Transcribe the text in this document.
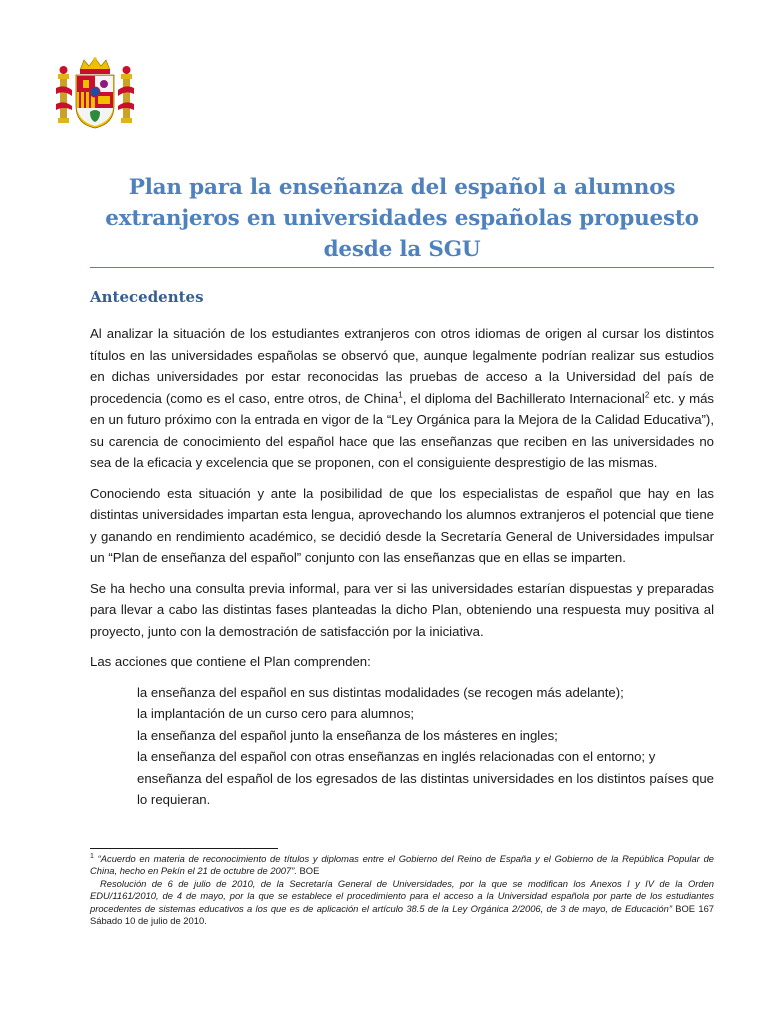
Plan para la enseñanza del español a alumnos extranjeros en universidades españolas propuesto desde la SGU
Antecedentes

Al analizar la situación de los estudiantes extranjeros con otros idiomas de origen al cursar los distintos títulos en las universidades españolas se observó que, aunque legalmente podrían realizar sus estudios en dichas universidades por estar reconocidas las pruebas de acceso a la Universidad del país de procedencia (como es el caso, entre otros, de China$^1$, el diploma del Bachillerato Internacional$^2$ etc. y más en un futuro próximo con la entrada en vigor de la “Ley Orgánica para la Mejora de la Calidad Educativa”), su carencia de conocimiento del español hace que las enseñanzas que reciben en las universidades no sea de la eficacia y excelencia que se proponen, con el consiguiente desprestigio de las mismas.

Conociendo esta situación y ante la posibilidad de que los especialistas de español que hay en las distintas universidades impartan esta lengua, aprovechando los alumnos extranjeros el potencial que tiene y ganando en rendimiento académico, se decidió desde la Secretaría General de Universidades impulsar un “Plan de enseñanza del español” conjunto con las enseñanzas que en ellas se imparten.

Se ha hecho una consulta previa informal, para ver si las universidades estarían dispuestas y preparadas para llevar a cabo las distintas fases planteadas la dicho Plan, obteniendo una respuesta muy positiva al proyecto, junto con la demostración de satisfacción por la iniciativa.

Las acciones que contiene el Plan comprenden:

la enseñanza del español en sus distintas modalidades (se recogen más adelante);
la implantación de un curso cero para alumnos;
la enseñanza del español junto la enseñanza de los másteres en ingles;
la enseñanza del español con otras enseñanzas en inglés relacionadas con el entorno; y
enseñanza del español de los egresados de las distintas universidades en los distintos países que lo requieran.

$^1$ “Acuerdo en materia de reconocimiento de títulos y diplomas entre el Gobierno del Reino de España y el Gobierno de la República Popular de China, hecho en Pekín el 21 de octubre de 2007”. BOE

Resolución de 6 de julio de 2010, de la Secretaría General de Universidades, por la que se modifican los Anexos I y IV de la Orden EDU/1161/2010, de 4 de mayo, por la que se establece el procedimiento para el acceso a la Universidad española por parte de los estudiantes procedentes de sistemas educativos a los que es de aplicación el artículo 38.5 de la Ley Orgánica 2/2006, de 3 de mayo, de Educación” BOE 167 Sábado 10 de julio de 2010.
